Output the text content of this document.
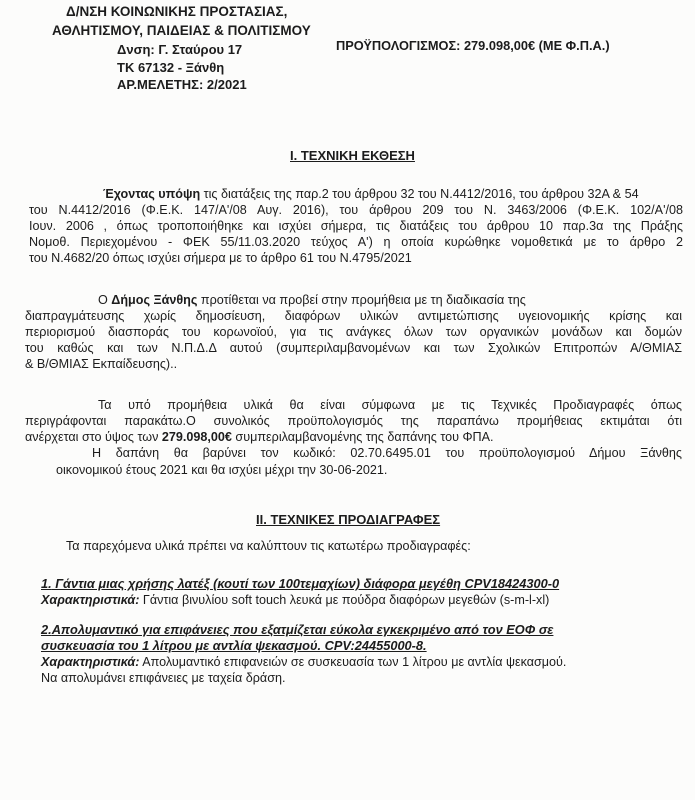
Δ/ΝΣΗ ΚΟΙΝΩΝΙΚΗΣ ΠΡΟΣΤΑΣΙΑΣ,
ΑΘΛΗΤΙΣΜΟΥ, ΠΑΙΔΕΙΑΣ & ΠΟΛΙΤΙΣΜΟΥ
Δνση: Γ. Σταύρου 17
ΤΚ 67132 - Ξάνθη
ΑΡ.ΜΕΛΕΤΗΣ: 2/2021
ΠΡΟΫΠΟΛΟΓΙΣΜΟΣ: 279.098,00€ (ΜΕ Φ.Π.Α.)
Ι. ΤΕΧΝΙΚΗ ΕΚΘΕΣΗ
Έχοντας υπόψη τις διατάξεις της παρ.2 του άρθρου 32 του Ν.4412/2016, του άρθρου 32Α & 54
του Ν.4412/2016 (Φ.Ε.Κ. 147/Α'/08 Αυγ. 2016), του άρθρου 209 του Ν. 3463/2006 (Φ.Ε.Κ. 102/Α'/08
Ιουν. 2006 , όπως τροποποιήθηκε και ισχύει σήμερα, τις διατάξεις του άρθρου 10 παρ.3α της Πράξης
Νομοθ. Περιεχομένου - ΦΕΚ 55/11.03.2020 τεύχος Α') η οποία κυρώθηκε νομοθετικά με το άρθρο 2
του Ν.4682/20 όπως ισχύει σήμερα με το άρθρο 61 του Ν.4795/2021
Ο Δήμος Ξάνθης προτίθεται να προβεί στην προμήθεια με τη διαδικασία της
διαπραγμάτευσης χωρίς δημοσίευση, διαφόρων υλικών αντιμετώπισης υγειονομικής κρίσης και
περιορισμού διασποράς του κορωνοϊού, για τις ανάγκες όλων των οργανικών μονάδων και δομών
του καθώς και των Ν.Π.Δ.Δ αυτού (συμπεριλαμβανομένων και των Σχολικών Επιτροπών Α/ΘΜΙΑΣ
& Β/ΘΜΙΑΣ Εκπαίδευσης)..
Τα υπό προμήθεια υλικά θα είναι σύμφωνα με τις Τεχνικές Προδιαγραφές όπως
περιγράφονται παρακάτω.Ο συνολικός προϋπολογισμός της παραπάνω προμήθειας εκτιμάται ότι
ανέρχεται στο ύψος των 279.098,00€ συμπεριλαμβανομένης της δαπάνης του ΦΠΑ.
Η δαπάνη θα βαρύνει τον κωδικό: 02.70.6495.01 του προϋπολογισμού Δήμου Ξάνθης
οικονομικού έτους 2021 και θα ισχύει μέχρι την 30-06-2021.
ΙΙ. ΤΕΧΝΙΚΕΣ ΠΡΟΔΙΑΓΡΑΦΕΣ
Τα παρεχόμενα υλικά πρέπει να καλύπτουν τις κατωτέρω προδιαγραφές:
1. Γάντια μιας χρήσης λατέξ (κουτί των 100τεμαχίων) διάφορα μεγέθη CPV18424300-0
Χαρακτηριστικά: Γάντια βινυλίου soft touch λευκά με πούδρα διαφόρων μεγεθών (s-m-l-xl)
2.Απολυμαντικό για επιφάνειες που εξατμίζεται εύκολα εγκεκριμένο από τον ΕΟΦ σε
συσκευασία του 1 λίτρου με αντλία ψεκασμού. CPV:24455000-8.
Χαρακτηριστικά: Απολυμαντικό επιφανειών σε συσκευασία των 1 λίτρου με αντλία ψεκασμού.
Να απολυμάνει επιφάνειες με ταχεία δράση.
